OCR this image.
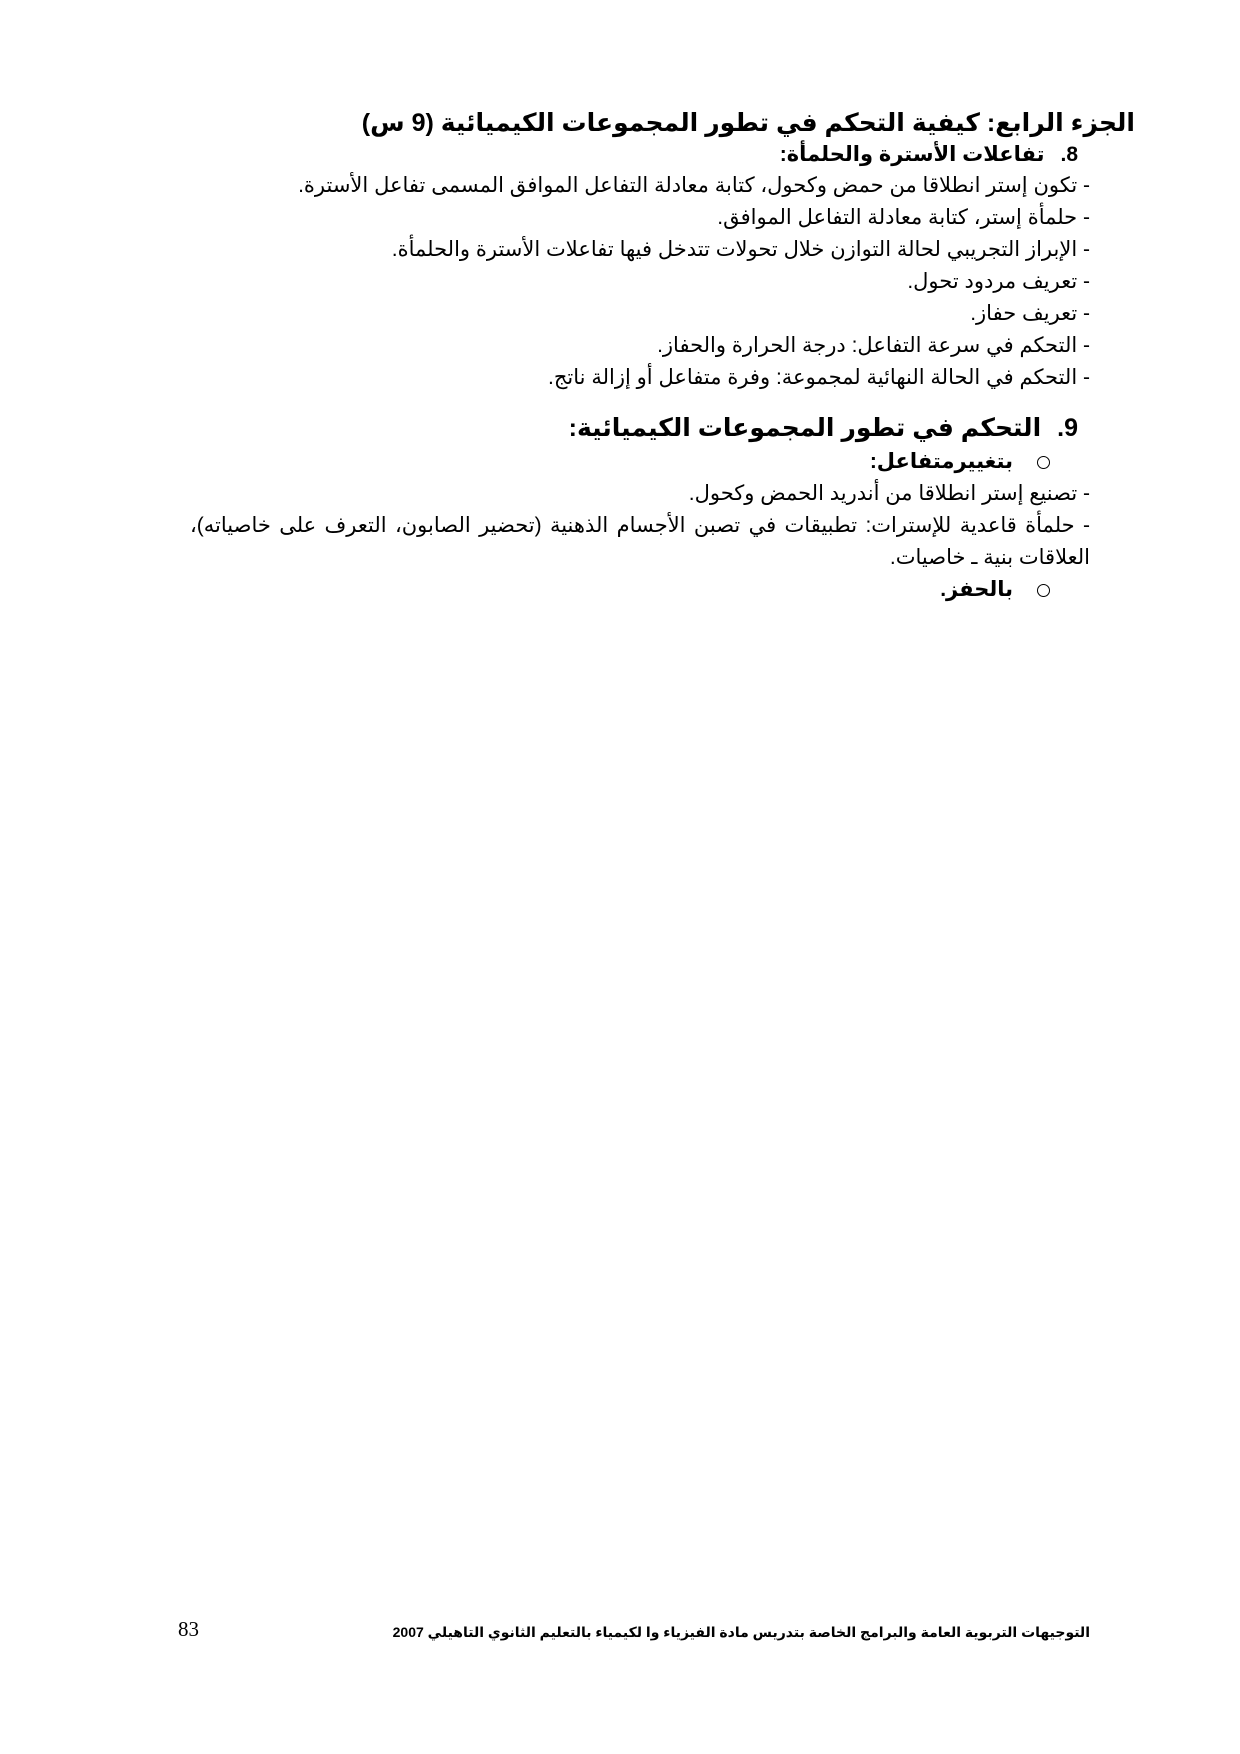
الجزء الرابع: كيفية التحكم في تطور المجموعات الكيميائية (9 س)
8.
تفاعلات الأسترة والحلمأة:

- تكون إستر انطلاقا من حمض وكحول، كتابة معادلة التفاعل الموافق المسمى تفاعل الأسترة.

- حلمأة إستر، كتابة معادلة التفاعل الموافق.

- الإبراز التجريبي لحالة التوازن خلال تحولات تتدخل فيها تفاعلات الأسترة والحلمأة.

- تعريف مردود تحول.

- تعريف حفاز.

- التحكم في سرعة التفاعل: درجة الحرارة والحفاز.

- التحكم في الحالة النهائية لمجموعة: وفرة متفاعل أو إزالة ناتج.

9.
التحكم في تطور المجموعات الكيميائية:
بتغييرمتفاعل:

- تصنيع إستر انطلاقا من أندريد الحمض وكحول.

- حلمأة قاعدية للإسترات: تطبيقات في تصبن الأجسام الذهنية (تحضير الصابون، التعرف على خاصياته)، العلاقات بنية ـ خاصيات.

بالحفز.
التوجيهات التربوية العامة والبرامج الخاصة بتدريس مادة الفيزياء وا لكيمياء بالتعليم الثانوي التاهيلي 2007
83
